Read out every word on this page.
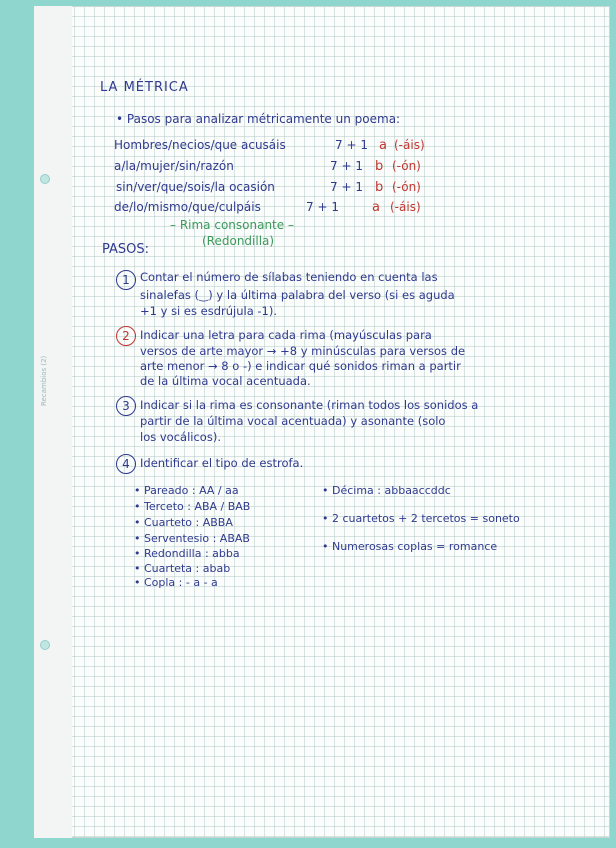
Recambios (2)
LA MÉTRICA
• Pasos para analizar métricamente un poema:
Hombres/necios/que acusáis	7 + 1 a (-áis)
a/la/mujer/sin/razón	7 + 1 b (-ón)
sin/ver/que/sois/la ocasión	7 + 1 b (-ón)
de/lo/mismo/que/culpáis	7 + 1	a (-áis)
– Rima consonante –
(Redondilla)
PASOS:
1 Contar el número de sílabas teniendo en cuenta las
sinalefas (‿) y la última palabra del verso (si es aguda
+1 y si es esdrújula -1).
2 Indicar una letra para cada rima (mayúsculas para
versos de arte mayor → +8 y minúsculas para versos de
arte menor → 8 o -) e indicar qué sonidos riman a partir
de la última vocal acentuada.
3 Indicar si la rima es consonante (riman todos los sonidos a
partir de la última vocal acentuada) y asonante (solo
los vocálicos).
4 Identificar el tipo de estrofa.
• Pareado : AA / aa
• Terceto : ABA / BAB
• Cuarteto : ABBA
• Serventesio : ABAB
• Redondilla : abba
• Cuarteta : abab
• Copla : - a - a
• Décima : abbaaccddc
• 2 cuartetos + 2 tercetos = soneto
• Numerosas coplas = romance
